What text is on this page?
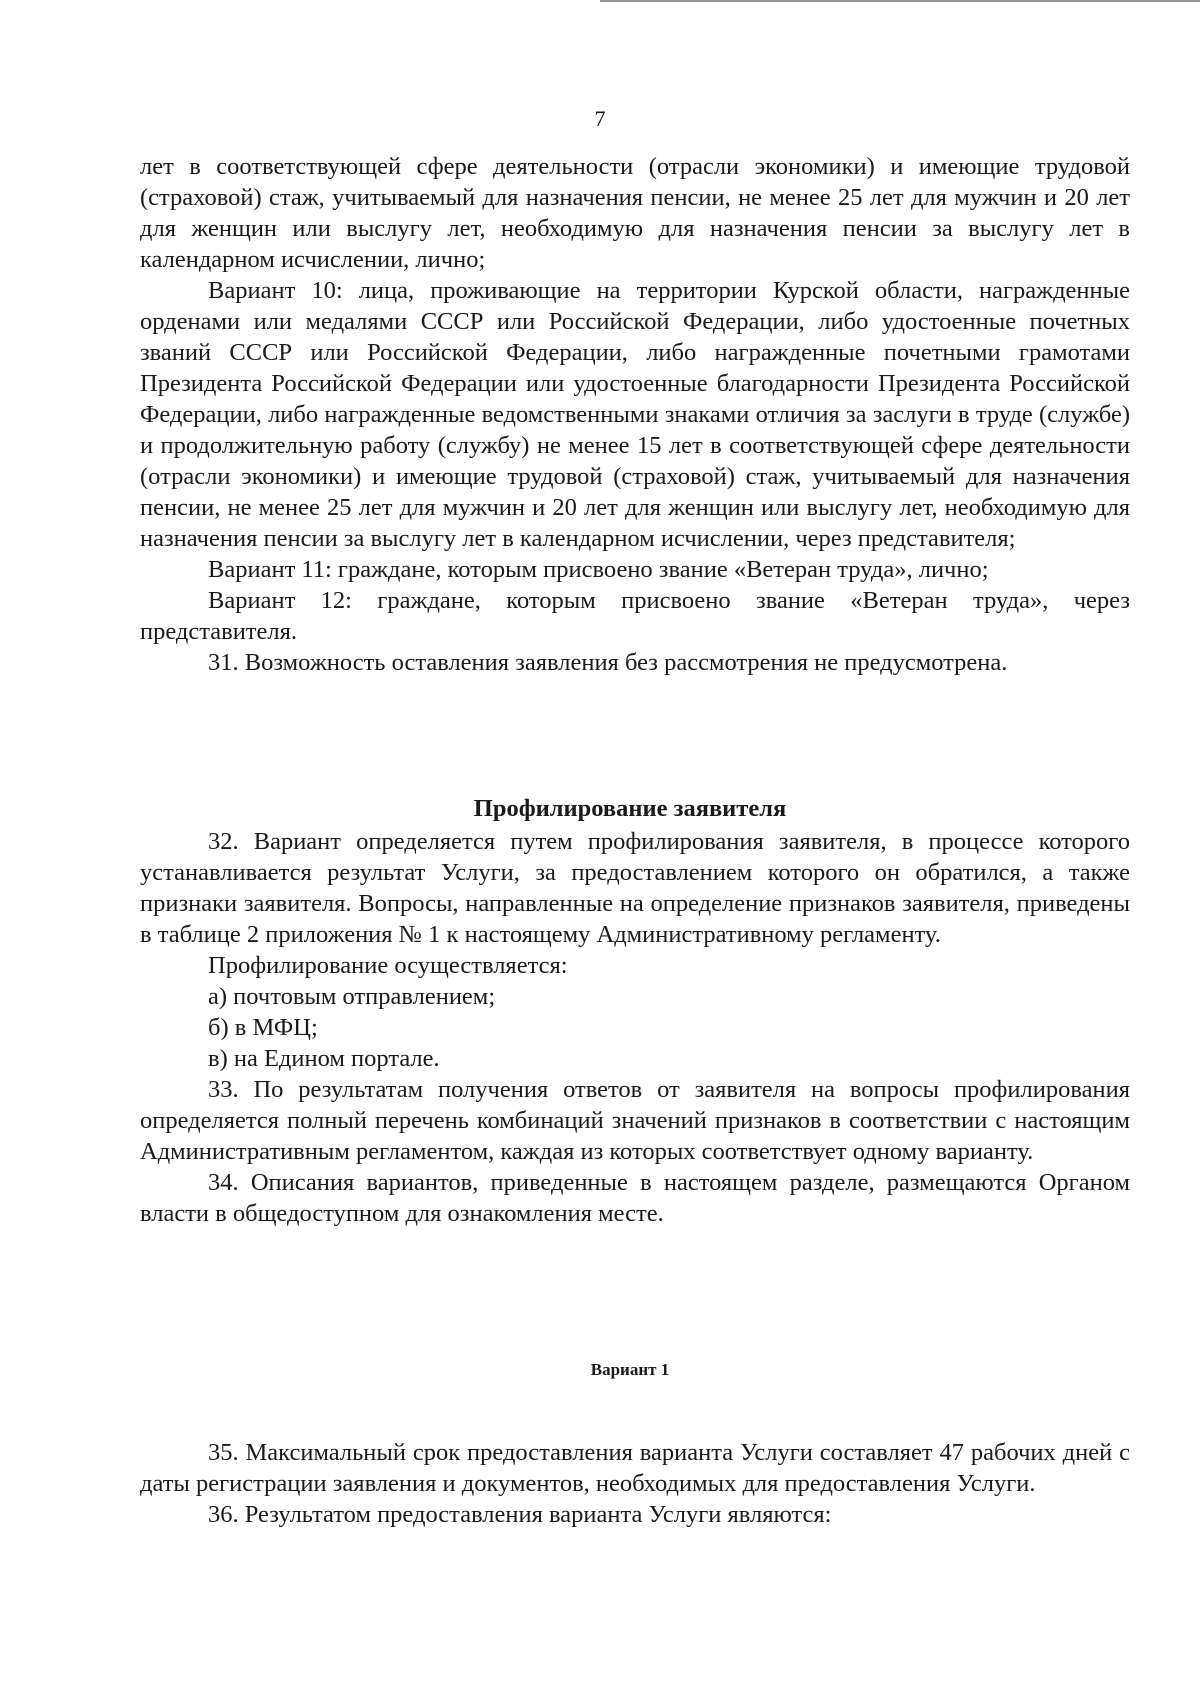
7

лет в соответствующей сфере деятельности (отрасли экономики) и имеющие трудовой (страховой) стаж, учитываемый для назначения пенсии, не менее 25 лет для мужчин и 20 лет для женщин или выслугу лет, необходимую для назначения пенсии за выслугу лет в календарном исчислении, лично;

Вариант 10: лица, проживающие на территории Курской области, награжденные орденами или медалями СССР или Российской Федерации, либо удостоенные почетных званий СССР или Российской Федерации, либо награжденные почетными грамотами Президента Российской Федерации или удостоенные благодарности Президента Российской Федерации, либо награжденные ведомственными знаками отличия за заслуги в труде (службе) и продолжительную работу (службу) не менее 15 лет в соответствующей сфере деятельности (отрасли экономики) и имеющие трудовой (страховой) стаж, учитываемый для назначения пенсии, не менее 25 лет для мужчин и 20 лет для женщин или выслугу лет, необходимую для назначения пенсии за выслугу лет в календарном исчислении, через представителя;

Вариант 11: граждане, которым присвоено звание «Ветеран труда», лично;

Вариант 12: граждане, которым присвоено звание «Ветеран труда», через представителя.

31. Возможность оставления заявления без рассмотрения не предусмотрена.

Профилирование заявителя

32. Вариант определяется путем профилирования заявителя, в процессе которого устанавливается результат Услуги, за предоставлением которого он обратился, а также признаки заявителя. Вопросы, направленные на определение признаков заявителя, приведены в таблице 2 приложения № 1 к настоящему Административному регламенту.

Профилирование осуществляется:

а) почтовым отправлением;

б) в МФЦ;

в) на Едином портале.

33. По результатам получения ответов от заявителя на вопросы профилирования определяется полный перечень комбинаций значений признаков в соответствии с настоящим Административным регламентом, каждая из которых соответствует одному варианту.

34. Описания вариантов, приведенные в настоящем разделе, размещаются Органом власти в общедоступном для ознакомления месте.

Вариант 1

35. Максимальный срок предоставления варианта Услуги составляет 47 рабочих дней с даты регистрации заявления и документов, необходимых для предоставления Услуги.

36. Результатом предоставления варианта Услуги являются:
